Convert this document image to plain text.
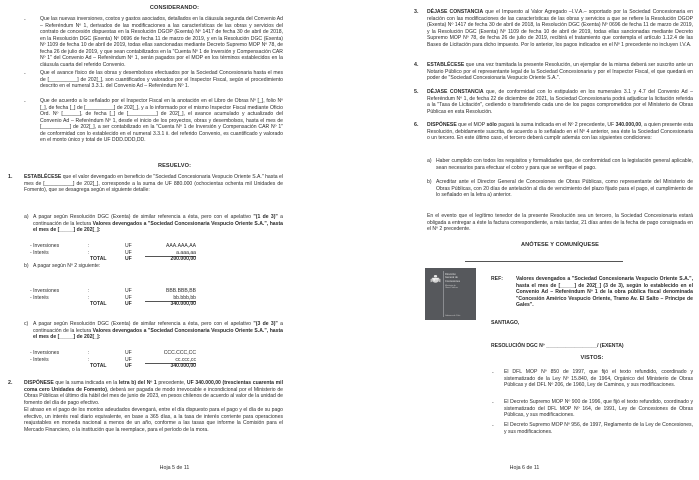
CONSIDERANDO:
-	Que las nuevas inversiones, costos y gastos asociados, detallados en la cláusula segunda del Convenio Ad – Referéndum Nº 1, derivados de las modificaciones a las características de las obras y servicios del contrato de concesión dispuestas en la Resolución DGOP (Exenta) Nº 1417 de fecha 30 de abril de 2018, en la Resolución DGC (Exenta) Nº 0696 de fecha 11 de marzo de 2019, y en la Resolución DGC (Exenta) Nº 1109 de fecha 10 de abril de 2019, todas ellas sancionadas mediante Decreto Supremo MOP Nº 78, de fecha 26 de julio de 2019, y que sean contabilizados en la "Cuenta Nº 1 de Inversión y Compensación CAR Nº 1" del Convenio Ad – Referéndum Nº 1, serán pagados por el MOP en los términos establecidos en la cláusula cuarta del referido Convenio.

-	Que el avance físico de las obras y desembolsos efectuados por la Sociedad Concesionaria hasta el mes de [__________] de 202[_], son cuantificados y valorados por el Inspector Fiscal, según el procedimiento descrito en el numeral 3.3.1. del Convenio Ad – Referéndum Nº 1.

-	Que de acuerdo a lo señalado por el Inspector Fiscal en la anotación en el Libro de Obras Nº [_], folio Nº [_], de fecha [_] de [__________] de 202[_], y a lo informado por el mismo Inspector Fiscal mediante Oficio Ord. Nº [______], de fecha [_] de [__________] de 202[_], el avance acumulado y actualizado del Convenio Ad – Referéndum Nº 1, desde el inicio de los proyectos, obras y desembolsos, hasta el mes de [__________] de 202[_], a ser contabilizado en la "Cuenta Nº 1 de Inversión y Compensación CAR Nº 1" de conformidad con lo establecido en el numeral 3.3.1 ii. del referido Convenio, es cuantificado y valorado en el monto único y total de UF DDD.DDD,DD.

RESUELVO:
1. ESTABLÉCESE que el valor devengado en beneficio de "Sociedad Concesionaria Vespucio Oriente S.A." hasta el mes de [__________] de 202[_], corresponde a la suma de UF 880.000 (ochocientas ochenta mil Unidades de Fomento), que se desagrega según el siguiente detalle:

a) A pagar según Resolución DGC (Exenta) de similar referencia a ésta, pero con el apelativo "(1 de 3)" a continuación de la lectura Valores devengados a "Sociedad Concesionaria Vespucio Oriente S.A.", hasta el mes de [_____] de 202[_]:

- Inversiones	:	UF	AAA.AAA,AA
- Interés	:	UF	a.aaa,aa
TOTAL	UF	200.000,00
b) A pagar según Nº 2 siguiente:

- Inversiones	:	UF	BBB.BBB,BB
- Interés	:	UF	bb.bbb,bb
TOTAL	UF	340.000,00
c) A pagar según Resolución DGC (Exenta) de similar referencia a ésta, pero con el apelativo "(3 de 3)" a continuación de la lectura Valores devengados a "Sociedad Concesionaria Vespucio Oriente S.A.", hasta el mes de [_____] de 202[_]:

- Inversiones	:	UF	CCC.CCC,CC
- Interés	:	UF	cc.ccc,cc
TOTAL	UF	340.000,00
2. DISPÓNESE que la suma indicada en la letra b) del Nº 1 precedente, UF 340.000,00 (trescientas cuarenta mil coma cero Unidades de Fomento), deberá ser pagada de modo irrevocable e incondicional por el Ministerio de Obras Públicas el último día hábil del mes de junio de 2023, en pesos chilenos de acuerdo al valor de la unidad de fomento del día de pago efectivo.

El atraso en el pago de los montos adeudados devengará, entre el día dispuesto para el pago y el día de su pago efectivo, un interés real diario equivalente, en base a 365 días, a la tasa de interés corriente para operaciones reajustables en moneda nacional a menos de un año, conforme a las tasas que informe la Comisión para el Mercado Financiero, o la institución que la reemplace, para el período de la mora.

Hoja 5 de 11
3. DÉJASE CONSTANCIA que el Impuesto al Valor Agregado –I.V.A.– soportado por la Sociedad Concesionaria en relación con las modificaciones de las características de las obras y servicios a que se refiere la Resolución DGOP (Exenta) Nº 1417 de fecha 30 de abril de 2018, la Resolución DGC (Exenta) Nº 0696 de fecha 11 de marzo de 2019, y la Resolución DGC (Exenta) Nº 1109 de fecha 10 de abril de 2019, todas ellas sancionadas mediante Decreto Supremo MOP Nº 78, de fecha 26 de julio de 2019, recibirá el tratamiento que contempla el artículo 1.12.4 de las Bases de Licitación para dicho impuesto. Por lo anterior, los pagos indicados en el Nº 1 precedente no incluyen I.V.A.

4. ESTABLÉCESE que una vez tramitada la presente Resolución, un ejemplar de la misma deberá ser suscrito ante un Notario Público por el representante legal de la Sociedad Concesionaria y por el Inspector Fiscal, el que quedará en poder de "Sociedad Concesionaria Vespucio Oriente S.A.".

5. DÉJASE CONSTANCIA que, de conformidad con lo estipulado en los numerales 3.1 y 4.7 del Convenio Ad – Referéndum Nº 1, de fecha 22 de diciembre de 2021, la Sociedad Concesionaria podrá adjudicar la licitación referida a la "Tasa de Licitación", cediendo o transfiriendo cada uno de los pagos comprometidos por el Ministerio de Obras Públicas en esta Resolución.

6. DISPÓNESE que el MOP sólo pagará la suma indicada en el Nº 2 precedente, UF 340.000,00, a quien presente esta Resolución, debidamente suscrita, de acuerdo a lo señalado en el Nº 4 anterior, sea éste la Sociedad Concesionaria o un tercero. En este último caso, el tercero deberá cumplir además con las siguientes condiciones:

a) Haber cumplido con todos los requisitos y formalidades que, de conformidad con la legislación general aplicable, sean necesarios para efectuar el cobro y para que se verifique el pago.

b) Acreditar ante el Director General de Concesiones de Obras Públicas, como representante del Ministerio de Obras Públicas, con 20 días de antelación al día de vencimiento del plazo fijado para el pago, el cumplimiento de lo señalado en la letra a) anterior.

En el evento que el legítimo tenedor de la presente Resolución sea un tercero, la Sociedad Concesionaria estará obligada a entregar a éste la factura correspondiente, a más tardar, 21 días antes de la fecha de pago consignada en el Nº 2 precedente.

ANÓTESE Y COMUNÍQUESE

REF:	Valores devengados a "Sociedad Concesionaria Vespucio Oriente S.A.", hasta el mes de [_____] de 202[_] (3 de 3), según lo establecido en el Convenio Ad – Referéndum Nº 1 de la obra pública fiscal denominada "Concesión Américo Vespucio Oriente, Tramo Av. El Salto – Príncipe de Gales".

SANTIAGO,

RESOLUCIÓN DGC Nº __________________/ (EXENTA)

VISTOS:
- El DFL MOP Nº 850 de 1997, que fijó el texto refundido, coordinado y sistematizado de la Ley Nº 15.840, de 1964, Orgánico del Ministerio de Obras Públicas y del DFL Nº 206, de 1960, Ley de Caminos, y sus modificaciones.

- El Decreto Supremo MOP Nº 900 de 1996, que fijó el texto refundido, coordinado y sistematizado del DFL MOP Nº 164, de 1991, Ley de Concesiones de Obras Públicas, y sus modificaciones.

- El Decreto Supremo MOP Nº 956, de 1997, Reglamento de la Ley de Concesiones, y sus modificaciones.

Hoja 6 de 11
Dirección
General de
Concesiones
Ministerio de
Obras Públicas
Gobierno de Chile
